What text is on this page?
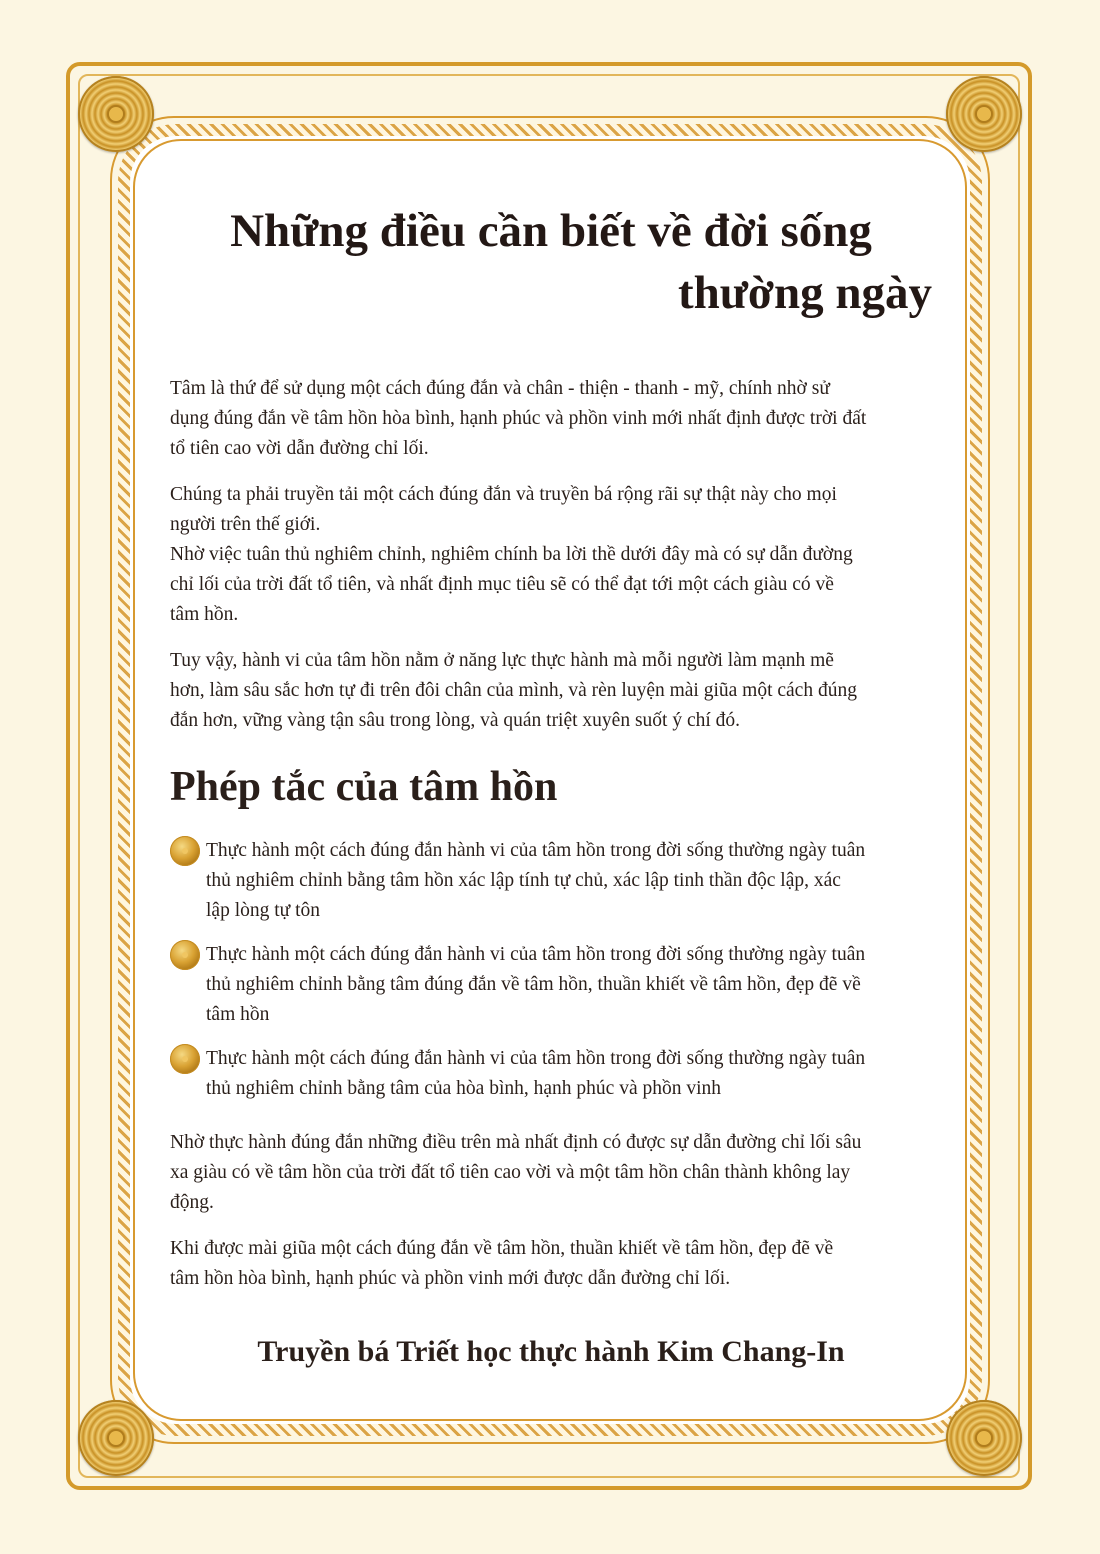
Những điều cần biết về đời sống
thường ngày

Tâm là thứ để sử dụng một cách đúng đắn và chân - thiện - thanh - mỹ, chính nhờ sử
dụng đúng đắn về tâm hồn hòa bình, hạnh phúc và phồn vinh mới nhất định được trời đất
tổ tiên cao vời dẫn đường chỉ lối.

Chúng ta phải truyền tải một cách đúng đắn và truyền bá rộng rãi sự thật này cho mọi
người trên thế giới.
Nhờ việc tuân thủ nghiêm chỉnh, nghiêm chính ba lời thề dưới đây mà có sự dẫn đường
chỉ lối của trời đất tổ tiên, và nhất định mục tiêu sẽ có thể đạt tới một cách giàu có về
tâm hồn.

Tuy vậy, hành vi của tâm hồn nằm ở năng lực thực hành mà mỗi người làm mạnh mẽ
hơn, làm sâu sắc hơn tự đi trên đôi chân của mình, và rèn luyện mài giũa một cách đúng
đắn hơn, vững vàng tận sâu trong lòng, và quán triệt xuyên suốt ý chí đó.

Phép tắc của tâm hồn
Thực hành một cách đúng đắn hành vi của tâm hồn trong đời sống thường ngày tuân
thủ nghiêm chỉnh bằng tâm hồn xác lập tính tự chủ, xác lập tinh thần độc lập, xác
lập lòng tự tôn
Thực hành một cách đúng đắn hành vi của tâm hồn trong đời sống thường ngày tuân
thủ nghiêm chỉnh bằng tâm đúng đắn về tâm hồn, thuần khiết về tâm hồn, đẹp đẽ về
tâm hồn
Thực hành một cách đúng đắn hành vi của tâm hồn trong đời sống thường ngày tuân
thủ nghiêm chỉnh bằng tâm của hòa bình, hạnh phúc và phồn vinh

Nhờ thực hành đúng đắn những điều trên mà nhất định có được sự dẫn đường chỉ lối sâu
xa giàu có về tâm hồn của trời đất tổ tiên cao vời và một tâm hồn chân thành không lay
động.

Khi được mài giũa một cách đúng đắn về tâm hồn, thuần khiết về tâm hồn, đẹp đẽ về
tâm hồn hòa bình, hạnh phúc và phồn vinh mới được dẫn đường chỉ lối.

Truyền bá Triết học thực hành Kim Chang-In
